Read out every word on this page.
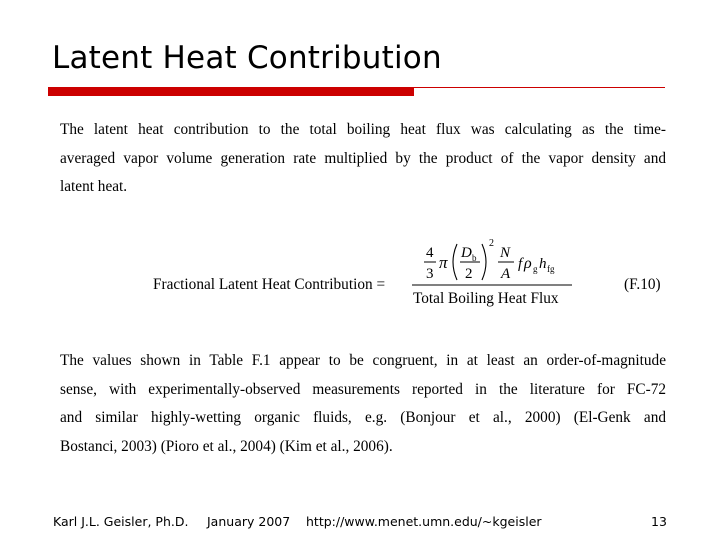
Latent Heat Contribution

The latent heat contribution to the total boiling heat flux was calculating as the time-
averaged vapor volume generation rate multiplied by the product of the vapor density and
latent heat.

Fractional Latent Heat Contribution =
4
3
π D b
2
2
N
A
f ρ g h fg
Total Boiling Heat Flux
(F.10)

The values shown in Table F.1 appear to be congruent, in at least an order-of-magnitude
sense, with experimentally-observed measurements reported in the literature for FC-72
and similar highly-wetting organic fluids, e.g. (Bonjour et al., 2000) (El-Genk and
Bostanci, 2003) (Pioro et al., 2004) (Kim et al., 2006).

Karl J.L. Geisler, Ph.D. January 2007 http://www.menet.umn.edu/~kgeisler	13
